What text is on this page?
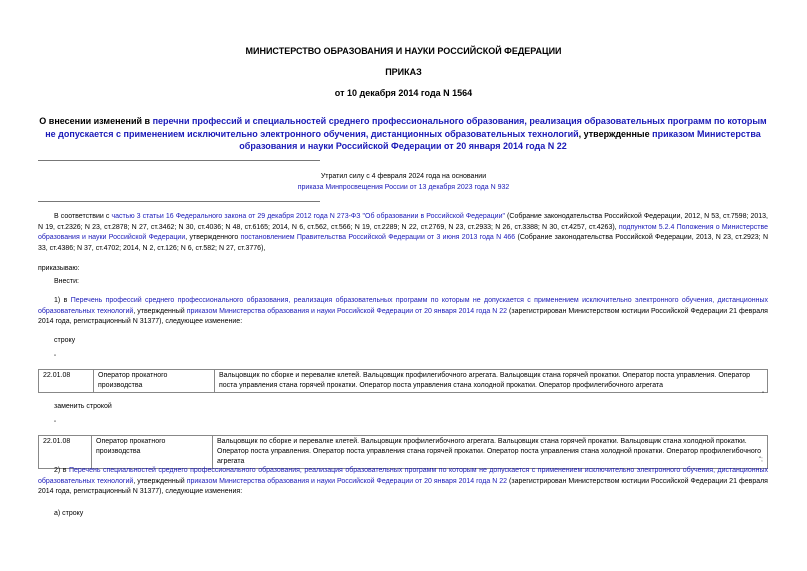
МИНИСТЕРСТВО ОБРАЗОВАНИЯ И НАУКИ РОССИЙСКОЙ ФЕДЕРАЦИИ
ПРИКАЗ
от 10 декабря 2014 года N 1564
О внесении изменений в перечни профессий и специальностей среднего профессионального образования, реализация образовательных программ по которым не допускается с применением исключительно электронного обучения, дистанционных образовательных технологий, утвержденные приказом Министерства образования и науки Российской Федерации от 20 января 2014 года N 22
Утратил силу с 4 февраля 2024 года на основании
приказа Минпросвещения России от 13 декабря 2023 года N 932
В соответствии с частью 3 статьи 16 Федерального закона от 29 декабря 2012 года N 273-ФЗ "Об образовании в Российской Федерации" (Собрание законодательства Российской Федерации, 2012, N 53, ст.7598; 2013, N 19, ст.2326; N 23, ст.2878; N 27, ст.3462; N 30, ст.4036; N 48, ст.6165; 2014, N 6, ст.562, ст.566; N 19, ст.2289; N 22, ст.2769, N 23, ст.2933; N 26, ст.3388; N 30, ст.4257, ст.4263), подпунктом 5.2.4 Положения о Министерстве образования и науки Российской Федерации, утвержденного постановлением Правительства Российской Федерации от 3 июня 2013 года N 466 (Собрание законодательства Российской Федерации, 2013, N 23, ст.2923; N 33, ст.4386; N 37, ст.4702; 2014, N 2, ст.126; N 6, ст.582; N 27, ст.3776),
приказываю:
Внести:
1) в Перечень профессий среднего профессионального образования, реализация образовательных программ по которым не допускается с применением исключительно электронного обучения, дистанционных образовательных технологий, утвержденный приказом Министерства образования и науки Российской Федерации от 20 января 2014 года N 22 (зарегистрирован Министерством юстиции Российской Федерации 21 февраля 2014 года, регистрационный N 31377), следующее изменение:
строку
"
22.01.08	Оператор прокатного производства	Вальцовщик по сборке и перевалке клетей. Вальцовщик профилегибочного агрегата. Вальцовщик стана горячей прокатки. Оператор поста управления. Оператор поста управления стана горячей прокатки. Оператор поста управления стана холодной прокатки. Оператор профилегибочного агрегата
"
заменить строкой
"
22.01.08	Оператор прокатного производства	Вальцовщик по сборке и перевалке клетей. Вальцовщик профилегибочного агрегата. Вальцовщик стана горячей прокатки. Вальцовщик стана холодной прокатки. Оператор поста управления. Оператор поста управления стана горячей прокатки. Оператор поста управления стана холодной прокатки. Оператор профилегибочного агрегата	";
2) в Перечень специальностей среднего профессионального образования, реализация образовательных программ по которым не допускается с применением исключительно электронного обучения, дистанционных образовательных технологий, утвержденный приказом Министерства образования и науки Российской Федерации от 20 января 2014 года N 22 (зарегистрирован Министерством юстиции Российской Федерации 21 февраля 2014 года, регистрационный N 31377), следующие изменения:
а) строку
